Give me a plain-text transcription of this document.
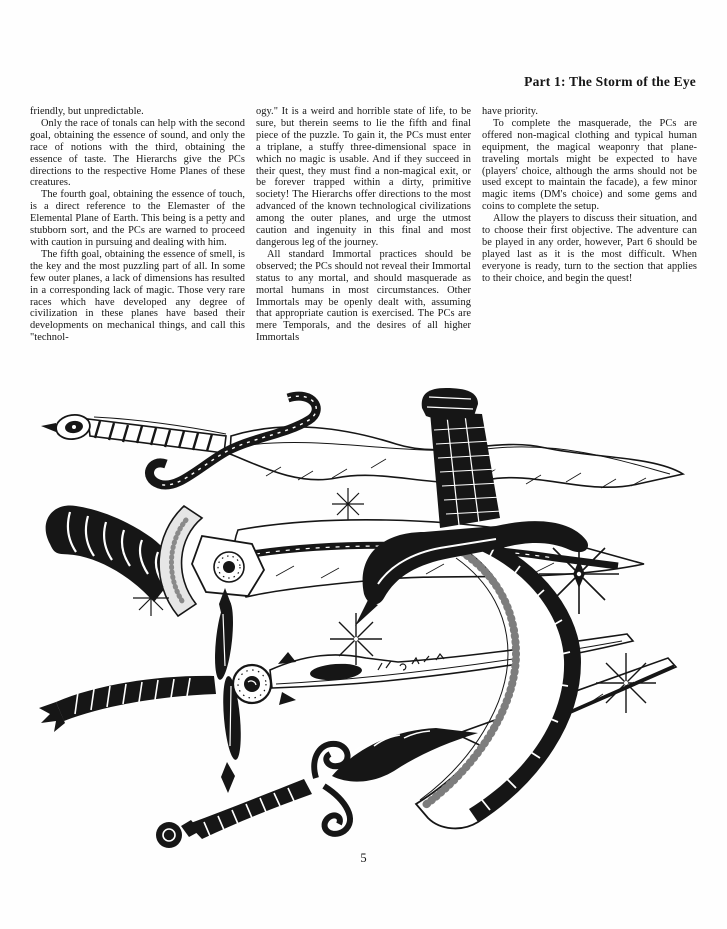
Part 1: The Storm of the Eye

friendly, but unpredictable.

Only the race of tonals can help with the second goal, obtaining the essence of sound, and only the race of notions with the third, obtaining the essence of taste. The Hierarchs give the PCs directions to the respective Home Planes of these creatures.

The fourth goal, obtaining the essence of touch, is a direct reference to the Elemaster of the Elemental Plane of Earth. This being is a petty and stubborn sort, and the PCs are warned to proceed with caution in pursuing and dealing with him.

The fifth goal, obtaining the essence of smell, is the key and the most puzzling part of all. In some few outer planes, a lack of dimensions has resulted in a corresponding lack of magic. Those very rare races which have developed any degree of civilization in these planes have based their developments on mechanical things, and call this "technol-

ogy." It is a weird and horrible state of life, to be sure, but therein seems to lie the fifth and final piece of the puzzle. To gain it, the PCs must enter a triplane, a stuffy three-dimensional space in which no magic is usable. And if they succeed in their quest, they must find a non-magical exit, or be forever trapped within a dirty, primitive society! The Hierarchs offer directions to the most advanced of the known technological civilizations among the outer planes, and urge the utmost caution and ingenuity in this final and most dangerous leg of the journey.

All standard Immortal practices should be observed; the PCs should not reveal their Immortal status to any mortal, and should masquerade as mortal humans in most circumstances. Other Immortals may be openly dealt with, assuming that appropriate caution is exercised. The PCs are mere Temporals, and the desires of all higher Immortals

have priority.

To complete the masquerade, the PCs are offered non-magical clothing and typical human equipment, the magical weaponry that plane-traveling mortals might be expected to have (players' choice, although the arms should not be used except to maintain the facade), a few minor magic items (DM's choice) and some gems and coins to complete the setup.

Allow the players to discuss their situation, and to choose their first objective. The adventure can be played in any order, however, Part 6 should be played last as it is the most difficult. When everyone is ready, turn to the section that applies to their choice, and begin the quest!

5
